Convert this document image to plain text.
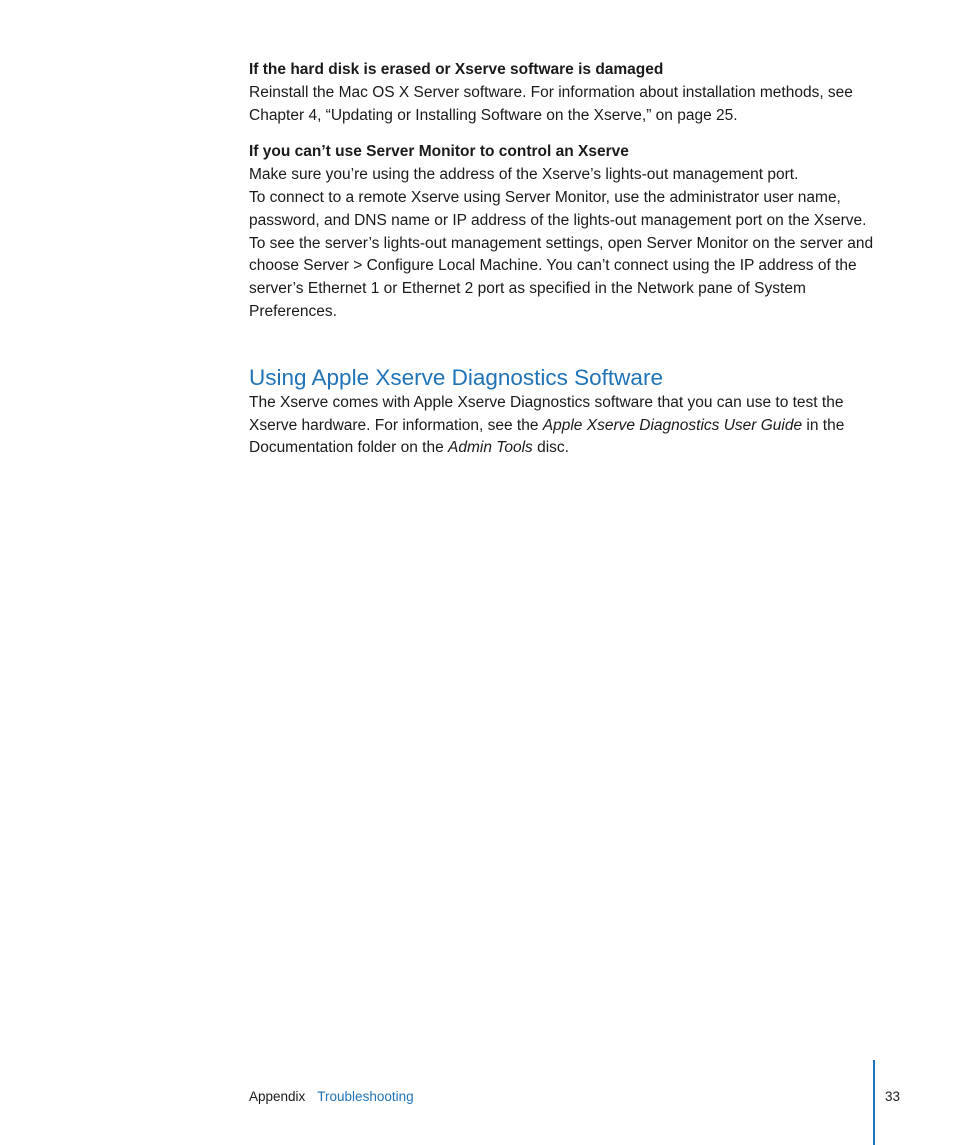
If the hard disk is erased or Xserve software is damaged

Reinstall the Mac OS X Server software. For information about installation methods, see Chapter 4, “Updating or Installing Software on the Xserve,” on page 25.

If you can’t use Server Monitor to control an Xserve

Make sure you’re using the address of the Xserve’s lights-out management port.

To connect to a remote Xserve using Server Monitor, use the administrator user name, password, and DNS name or IP address of the lights-out management port on the Xserve. To see the server’s lights-out management settings, open Server Monitor on the server and choose Server > Configure Local Machine. You can’t connect using the IP address of the server’s Ethernet 1 or Ethernet 2 port as specified in the Network pane of System Preferences.

Using Apple Xserve Diagnostics Software

The Xserve comes with Apple Xserve Diagnostics software that you can use to test the Xserve hardware. For information, see the Apple Xserve Diagnostics User Guide in the Documentation folder on the Admin Tools disc.

Appendix Troubleshooting	33
